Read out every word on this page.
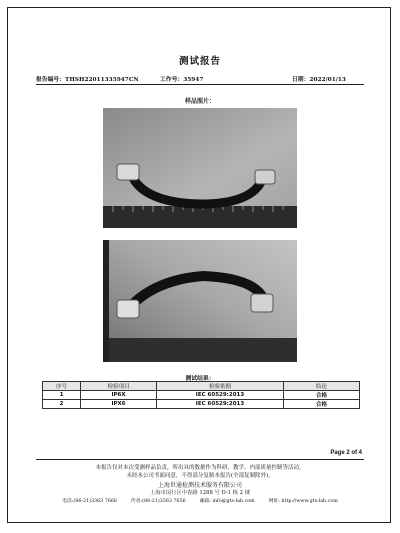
测试报告
报告编号：THSH22011335947CN	工作号：35947	日期：2022/01/13
样品照片：
测试结果：
序号	检验项目	检验依据	结论
1	IP6X	IEC 60529:2013	合格
2	IPX6	IEC 60529:2013	合格
Page 2 of 4
本报告仅对本次受测样品负责，所出具的数据作为科研、教学、内部质量控制等活动。
未经本公司书面同意，不得部分复制本报告(全部复制除外)。
上海世通检测技术服务有限公司
上海市闵行区中春路 1288 号 D-1 栋 2 楼
电话:(86-21)3363 7666	传真:(86-21)3363 7656	邮箱: info@gts-lab.com	网址: http://www.gts-lab.com
